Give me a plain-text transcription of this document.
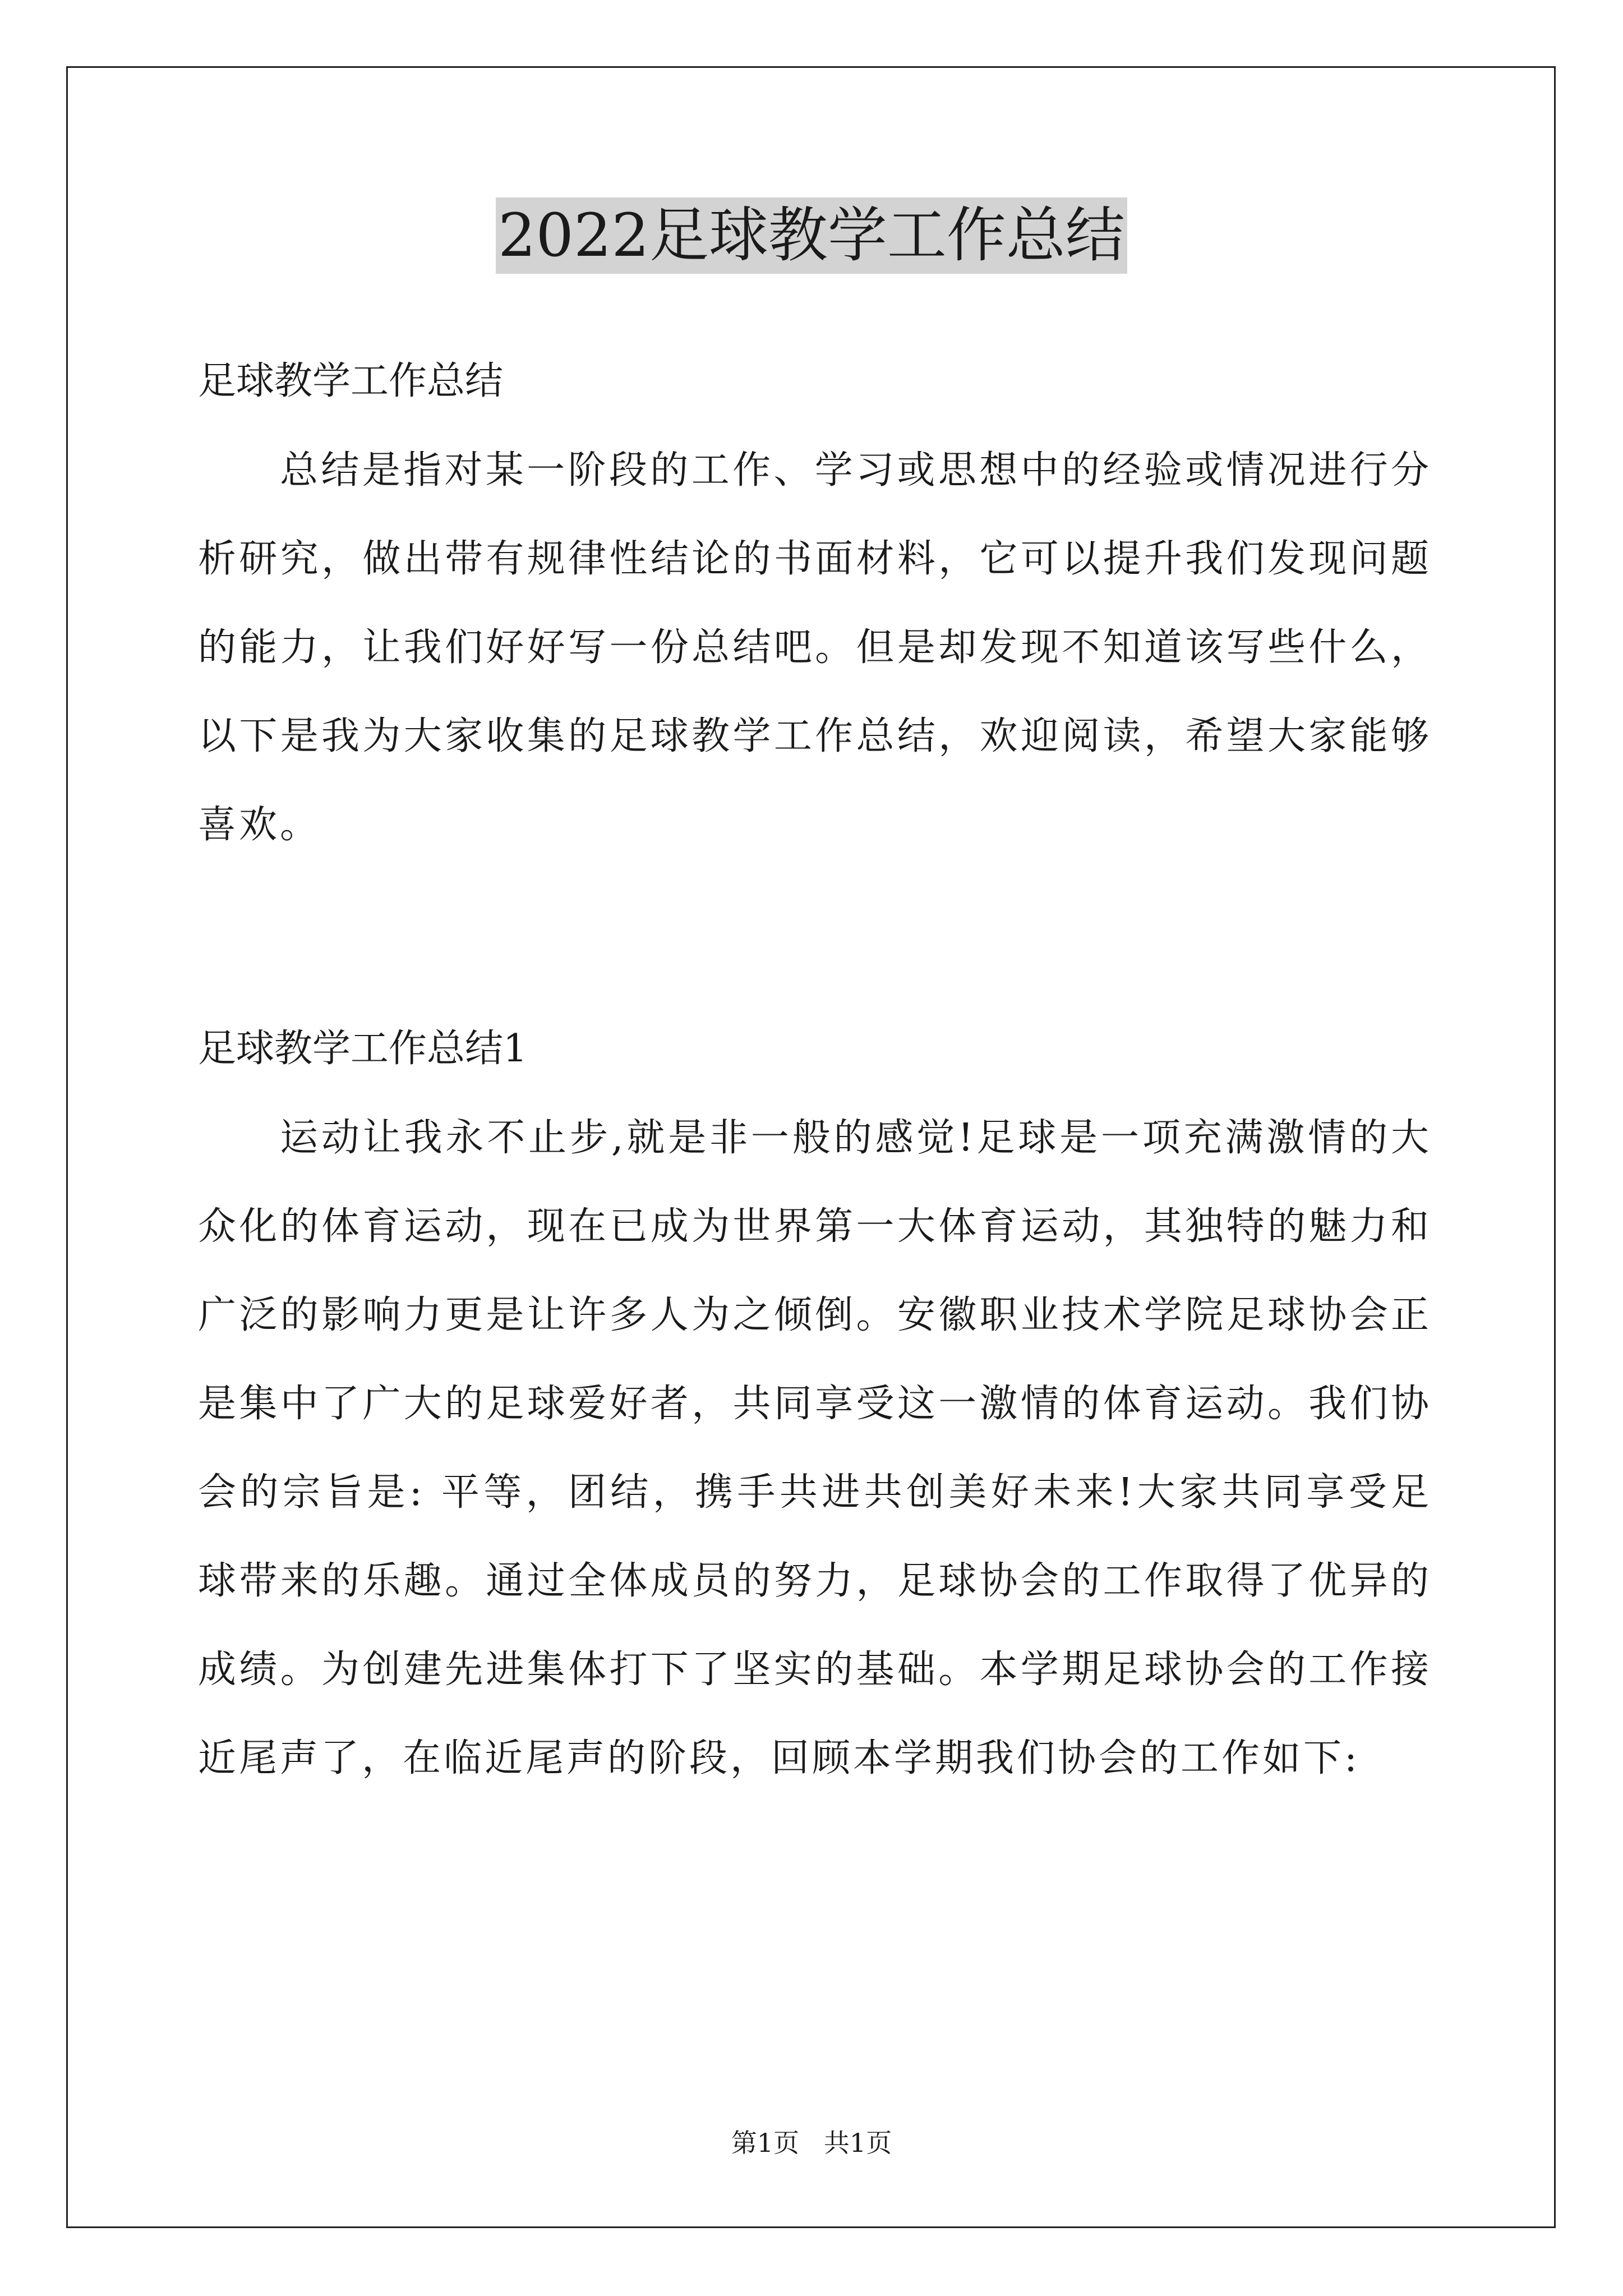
2022足球教学工作总结

足球教学工作总结

总结是指对某一阶段的工作、学习或思想中的经验或情况进行分析研究，做出带有规律性结论的书面材料，它可以提升我们发现问题的能力，让我们好好写一份总结吧。但是却发现不知道该写些什么，以下是我为大家收集的足球教学工作总结，欢迎阅读，希望大家能够喜欢。

足球教学工作总结1

运动让我永不止步,就是非一般的感觉!足球是一项充满激情的大众化的体育运动，现在已成为世界第一大体育运动，其独特的魅力和广泛的影响力更是让许多人为之倾倒。安徽职业技术学院足球协会正是集中了广大的足球爱好者，共同享受这一激情的体育运动。我们协会的宗旨是: 平等，团结，携手共进共创美好未来!大家共同享受足球带来的乐趣。通过全体成员的努力，足球协会的工作取得了优异的成绩。为创建先进集体打下了坚实的基础。本学期足球协会的工作接近尾声了，在临近尾声的阶段，回顾本学期我们协会的工作如下:

第1页   共1页
